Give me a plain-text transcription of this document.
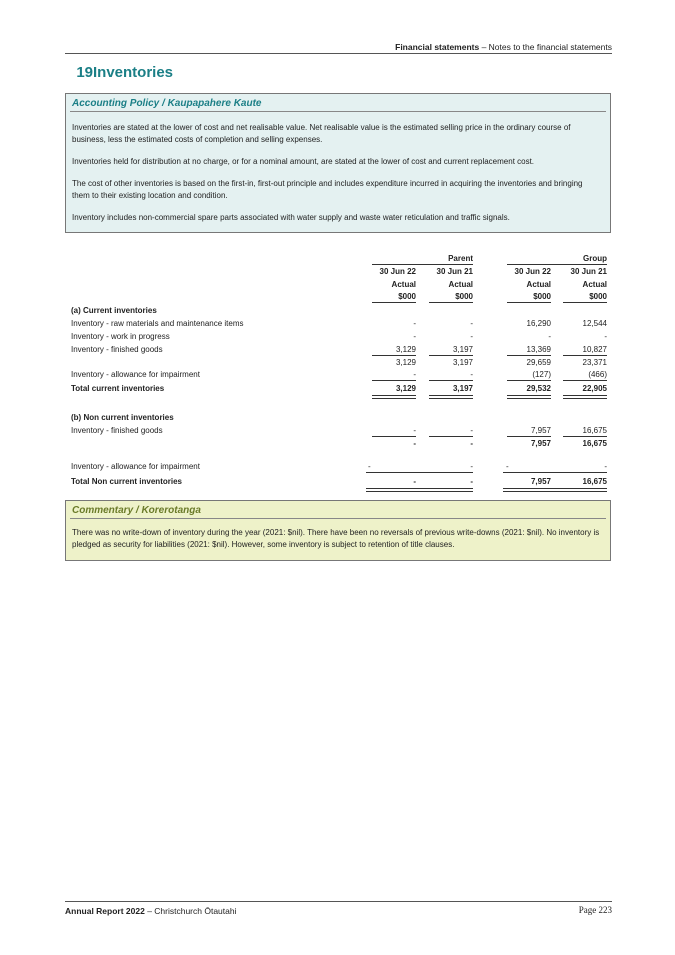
Financial statements – Notes to the financial statements
19Inventories
Accounting Policy / Kaupapahere Kaute
Inventories are stated at the lower of cost and net realisable value. Net realisable value is the estimated selling price in the ordinary course of business, less the estimated costs of completion and selling expenses.
Inventories held for distribution at no charge, or for a nominal amount, are stated at the lower of cost and current replacement cost.
The cost of other inventories is based on the first-in, first-out principle and includes expenditure incurred in acquiring the inventories and bringing them to their existing location and condition.
Inventory includes non-commercial spare parts associated with water supply and waste water reticulation and traffic signals.
Parent	Group
30 Jun 22	30 Jun 21	30 Jun 22	30 Jun 21
Actual	Actual	Actual	Actual
$000	$000	$000	$000
(a) Current inventories
Inventory - raw materials and maintenance items	-	-	16,290	12,544
Inventory - work in progress	-	-	-	-
Inventory - finished goods	3,129	3,197	13,369	10,827
3,129	3,197	29,659	23,371
Inventory - allowance for impairment	-	-	(127)	(466)
Total current inventories	3,129	3,197	29,532	22,905
(b) Non current inventories
Inventory - finished goods	-	-	7,957	16,675
-	-	7,957	16,675
Inventory - allowance for impairment	-	-	-	-
Total Non current inventories	-	-	7,957	16,675
Commentary / Korerotanga
There was no write-down of inventory during the year (2021: $nil). There have been no reversals of previous write-downs (2021: $nil). No inventory is pledged as security for liabilities (2021: $nil). However, some inventory is subject to retention of title clauses.
Annual Report 2022 – Christchurch Ōtautahi	Page 223
